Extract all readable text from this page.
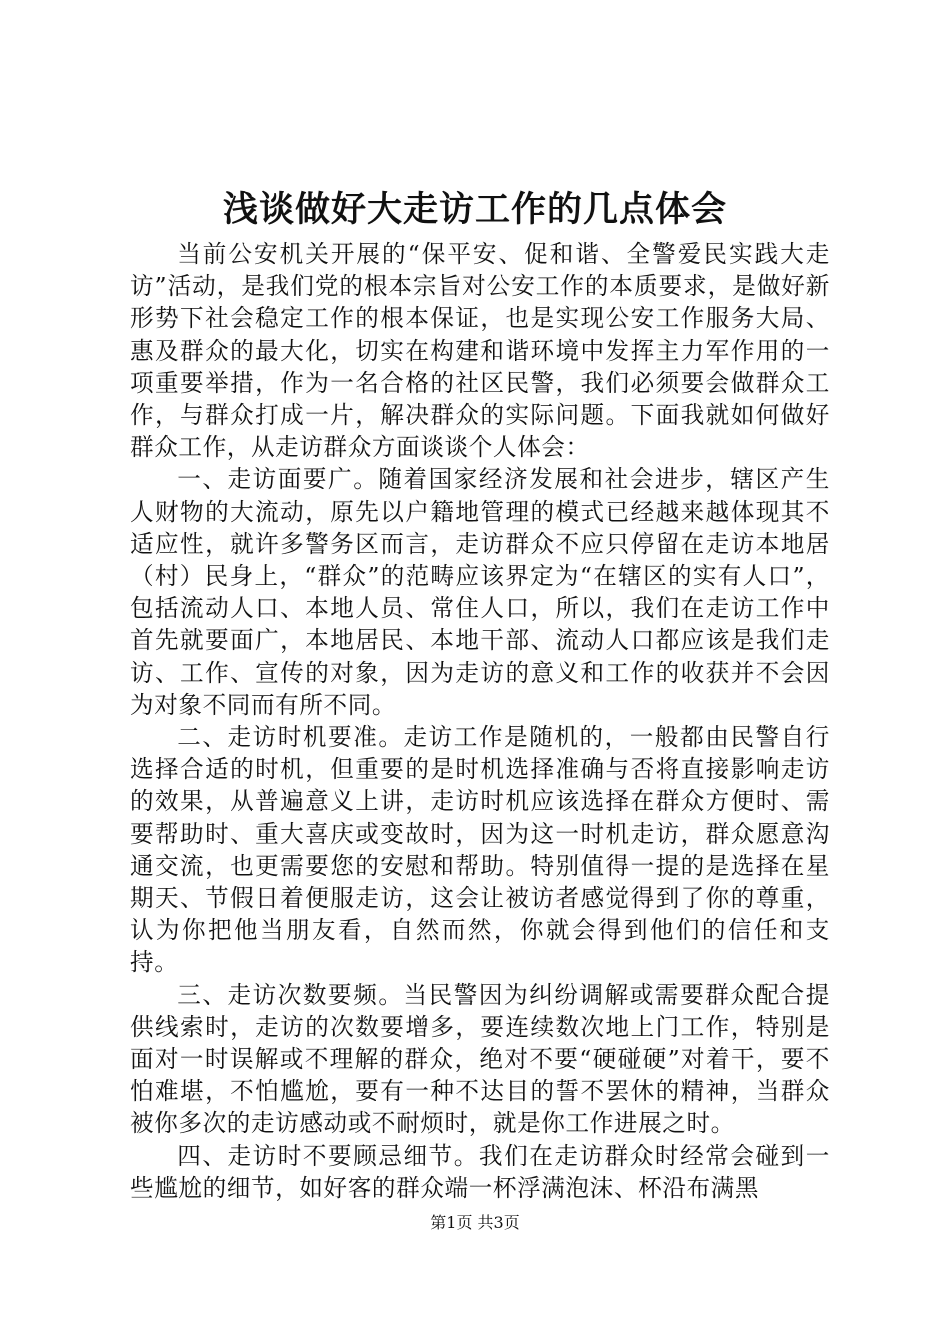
浅谈做好大走访工作的几点体会

当前公安机关开展的“保平安、促和谐、全警爱民实践大走访”活动，是我们党的根本宗旨对公安工作的本质要求，是做好新形势下社会稳定工作的根本保证，也是实现公安工作服务大局、惠及群众的最大化，切实在构建和谐环境中发挥主力军作用的一项重要举措，作为一名合格的社区民警，我们必须要会做群众工作，与群众打成一片，解决群众的实际问题。下面我就如何做好群众工作，从走访群众方面谈谈个人体会：

一、走访面要广。随着国家经济发展和社会进步，辖区产生人财物的大流动，原先以户籍地管理的模式已经越来越体现其不适应性，就许多警务区而言，走访群众不应只停留在走访本地居（村）民身上，“群众”的范畴应该界定为“在辖区的实有人口”，包括流动人口、本地人员、常住人口，所以，我们在走访工作中首先就要面广，本地居民、本地干部、流动人口都应该是我们走访、工作、宣传的对象，因为走访的意义和工作的收获并不会因为对象不同而有所不同。

二、走访时机要准。走访工作是随机的，一般都由民警自行选择合适的时机，但重要的是时机选择准确与否将直接影响走访的效果，从普遍意义上讲，走访时机应该选择在群众方便时、需要帮助时、重大喜庆或变故时，因为这一时机走访，群众愿意沟通交流，也更需要您的安慰和帮助。特别值得一提的是选择在星期天、节假日着便服走访，这会让被访者感觉得到了你的尊重，认为你把他当朋友看，自然而然，你就会得到他们的信任和支持。

三、走访次数要频。当民警因为纠纷调解或需要群众配合提供线索时，走访的次数要增多，要连续数次地上门工作，特别是面对一时误解或不理解的群众，绝对不要“硬碰硬”对着干，要不怕难堪，不怕尴尬，要有一种不达目的誓不罢休的精神，当群众被你多次的走访感动或不耐烦时，就是你工作进展之时。

四、走访时不要顾忌细节。我们在走访群众时经常会碰到一些尴尬的细节，如好客的群众端一杯浮满泡沫、杯沿布满黑

第1页 共3页
